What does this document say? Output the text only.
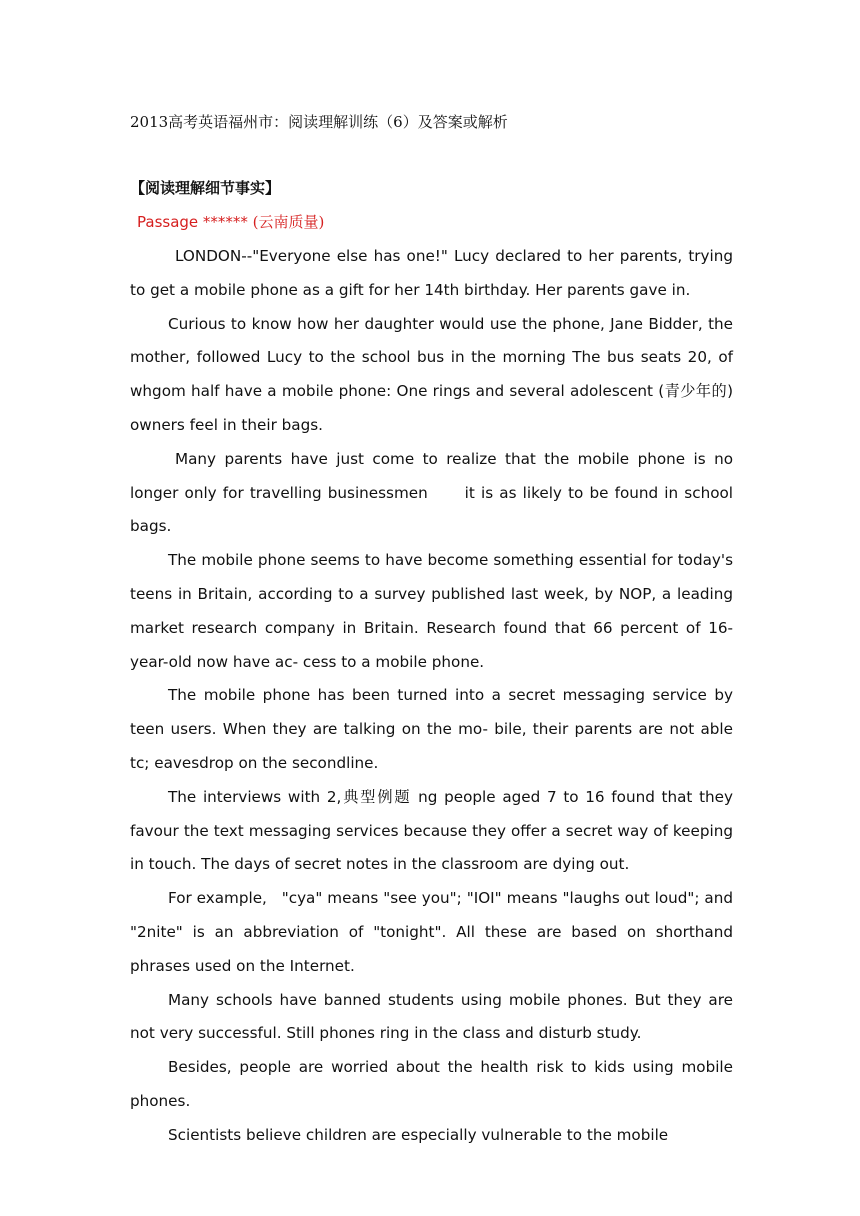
2013高考英语福州市：阅读理解训练（6）及答案或解析
【阅读理解细节事实】
Passage ****** (云南质量)

LONDON--"Everyone else has one!" Lucy declared to her parents, trying to get a mobile phone as a gift for her 14th birthday. Her parents gave in.

Curious to know how her daughter would use the phone, Jane Bidder, the mother, followed Lucy to the school bus in the morning The bus seats 20, of whgom half have a mobile phone: One rings and several adolescent (青少年的) owners feel in their bags.

Many parents have just come to realize that the mobile phone is no longer only for travelling businessmen      it is as likely to be found in school bags.

The mobile phone seems to have become something essential for today's teens in Britain, according to a survey published last week, by NOP, a leading market research company in Britain. Research found that 66 percent of 16-year-old now have ac- cess to a mobile phone.

The mobile phone has been turned into a secret messaging service by teen users. When they are talking on the mo- bile, their parents are not able tc; eavesdrop on the secondline.

The interviews with 2,典型例题 ng people aged 7 to 16 found that they favour the text messaging services because they offer a secret way of keeping in touch. The days of secret notes in the classroom are dying out.

For example,   "cya" means "see you"; "IOI" means "laughs out loud"; and "2nite" is an abbreviation of "tonight". All these are based on shorthand phrases used on the Internet.

Many schools have banned students using mobile phones. But they are not very successful. Still phones ring in the class and disturb study.

Besides, people are worried about the health risk to kids using mobile phones.

Scientists believe children are especially vulnerable to the mobile
